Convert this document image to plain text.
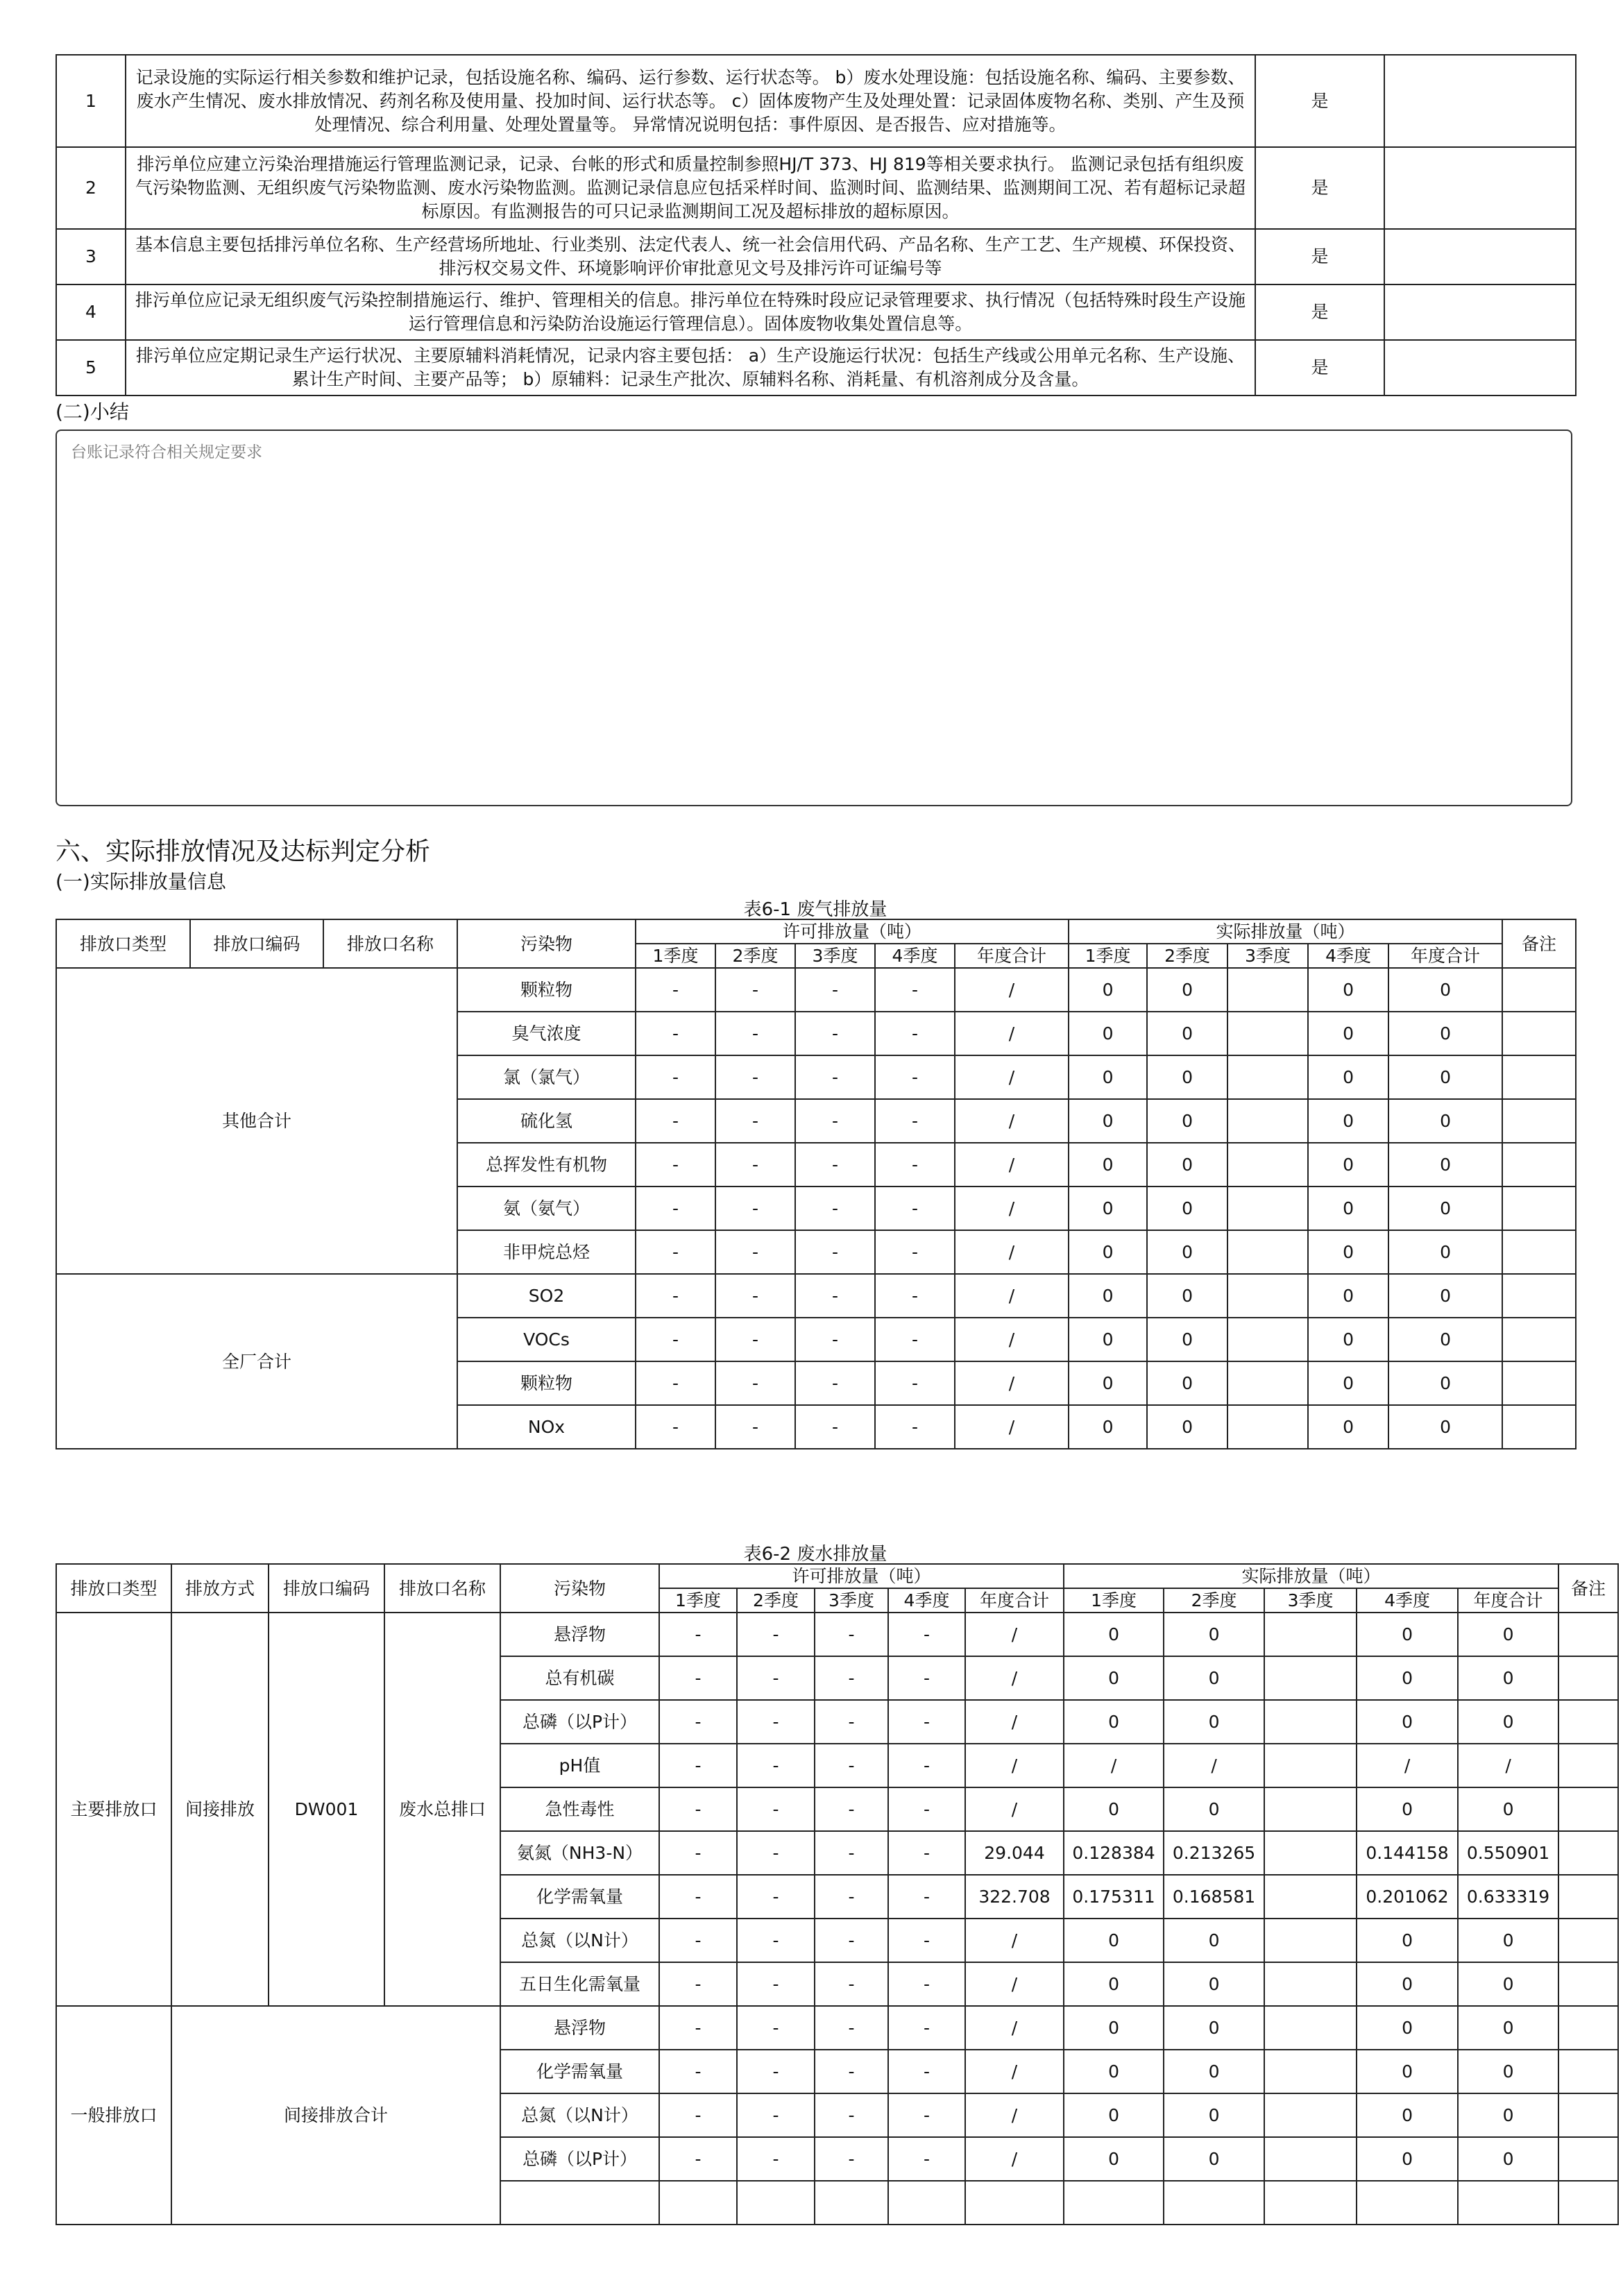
1	记录设施的实际运行相关参数和维护记录，包括设施名称、编码、运行参数、运行状态等。 b）废水处理设施：包括设施名称、编码、主要参数、废水产生情况、废水排放情况、药剂名称及使用量、投加时间、运行状态等。 c）固体废物产生及处理处置：记录固体废物名称、类别、产生及预处理情况、综合利用量、处理处置量等。 异常情况说明包括：事件原因、是否报告、应对措施等。	是	
2	排污单位应建立污染治理措施运行管理监测记录，记录、台帐的形式和质量控制参照HJ/T 373、HJ 819等相关要求执行。 监测记录包括有组织废气污染物监测、无组织废气污染物监测、废水污染物监测。监测记录信息应包括采样时间、监测时间、监测结果、监测期间工况、若有超标记录超标原因。有监测报告的可只记录监测期间工况及超标排放的超标原因。	是	
3	基本信息主要包括排污单位名称、生产经营场所地址、行业类别、法定代表人、统一社会信用代码、产品名称、生产工艺、生产规模、环保投资、排污权交易文件、环境影响评价审批意见文号及排污许可证编号等	是	
4	排污单位应记录无组织废气污染控制措施运行、维护、管理相关的信息。排污单位在特殊时段应记录管理要求、执行情况（包括特殊时段生产设施运行管理信息和污染防治设施运行管理信息）。固体废物收集处置信息等。	是	
5	排污单位应定期记录生产运行状况、主要原辅料消耗情况，记录内容主要包括： a）生产设施运行状况：包括生产线或公用单元名称、生产设施、累计生产时间、主要产品等； b）原辅料：记录生产批次、原辅料名称、消耗量、有机溶剂成分及含量。	是	
(二)小结
台账记录符合相关规定要求
六、实际排放情况及达标判定分析
(一)实际排放量信息
表6-1 废气排放量
排放口类型	排放口编码	排放口名称	污染物	许可排放量（吨）					实际排放量（吨）					备注
				1季度	2季度	3季度	4季度	年度合计	1季度	2季度	3季度	4季度	年度合计	
其他合计			颗粒物	-	-	-	-	/	0	0		0	0	
			臭气浓度	-	-	-	-	/	0	0		0	0	
			氯（氯气）	-	-	-	-	/	0	0		0	0	
			硫化氢	-	-	-	-	/	0	0		0	0	
			总挥发性有机物	-	-	-	-	/	0	0		0	0	
			氨（氨气）	-	-	-	-	/	0	0		0	0	
			非甲烷总烃	-	-	-	-	/	0	0		0	0	
全厂合计			SO2	-	-	-	-	/	0	0		0	0	
			VOCs	-	-	-	-	/	0	0		0	0	
			颗粒物	-	-	-	-	/	0	0		0	0	
			NOx	-	-	-	-	/	0	0		0	0	
表6-2 废水排放量
排放口类型	排放方式	排放口编码	排放口名称	污染物	许可排放量（吨）					实际排放量（吨）					备注
					1季度	2季度	3季度	4季度	年度合计	1季度	2季度	3季度	4季度	年度合计	
主要排放口	间接排放	DW001	废水总排口	悬浮物	-	-	-	-	/	0	0		0	0	
				总有机碳	-	-	-	-	/	0	0		0	0	
				总磷（以P计）	-	-	-	-	/	0	0		0	0	
				pH值	-	-	-	-	/	/	/		/	/	
				急性毒性	-	-	-	-	/	0	0		0	0	
				氨氮（NH3-N）	-	-	-	-	29.044	0.128384	0.213265		0.144158	0.550901	
				化学需氧量	-	-	-	-	322.708	0.175311	0.168581		0.201062	0.633319	
				总氮（以N计）	-	-	-	-	/	0	0		0	0	
				五日生化需氧量	-	-	-	-	/	0	0		0	0	
一般排放口	间接排放合计			悬浮物	-	-	-	-	/	0	0		0	0	
				化学需氧量	-	-	-	-	/	0	0		0	0	
				总氮（以N计）	-	-	-	-	/	0	0		0	0	
				总磷（以P计）	-	-	-	-	/	0	0		0	0	
